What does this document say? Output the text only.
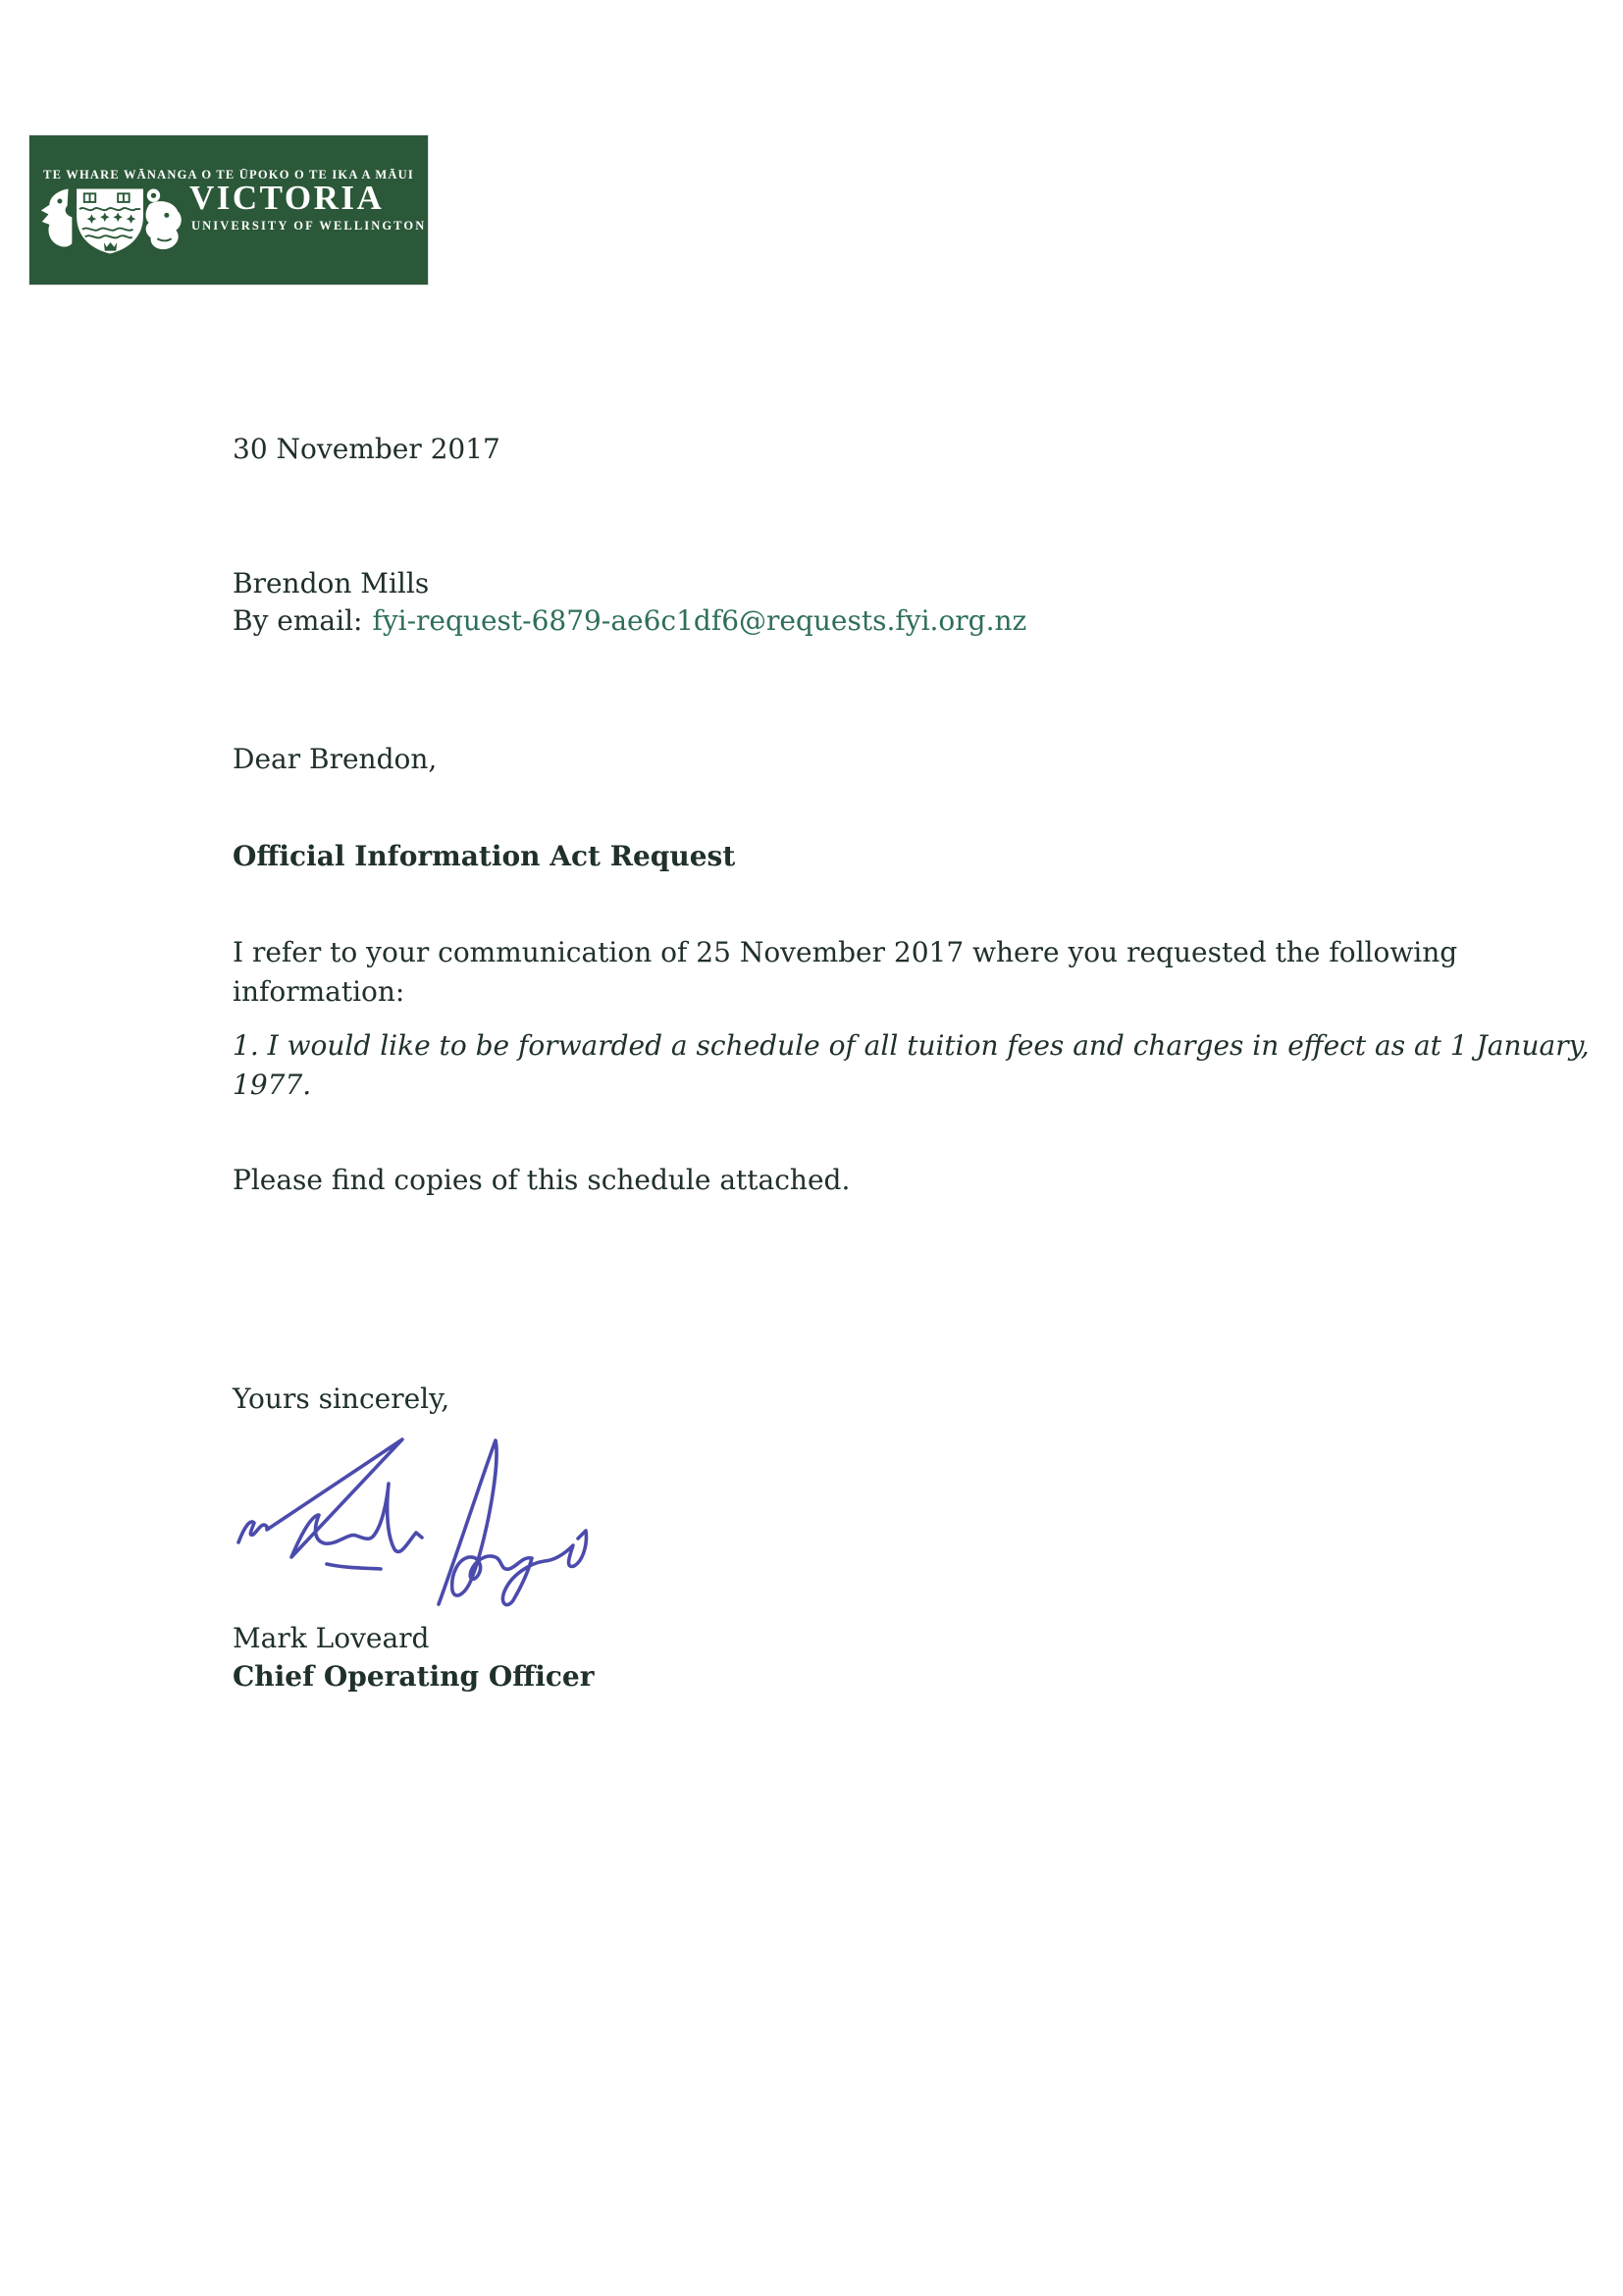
TE WHARE WĀNANGA O TE ŪPOKO O TE IKA A MĀUI
VICTORIA
UNIVERSITY OF WELLINGTON
30 November 2017
Brendon Mills
By email: fyi-request-6879-ae6c1df6@requests.fyi.org.nz
Dear Brendon,
Official Information Act Request
I refer to your communication of 25 November 2017 where you requested the following
information:
1. I would like to be forwarded a schedule of all tuition fees and charges in effect as at 1 January,
1977.
Please find copies of this schedule attached.
Yours sincerely,
Mark Loveard
Chief Operating Officer
